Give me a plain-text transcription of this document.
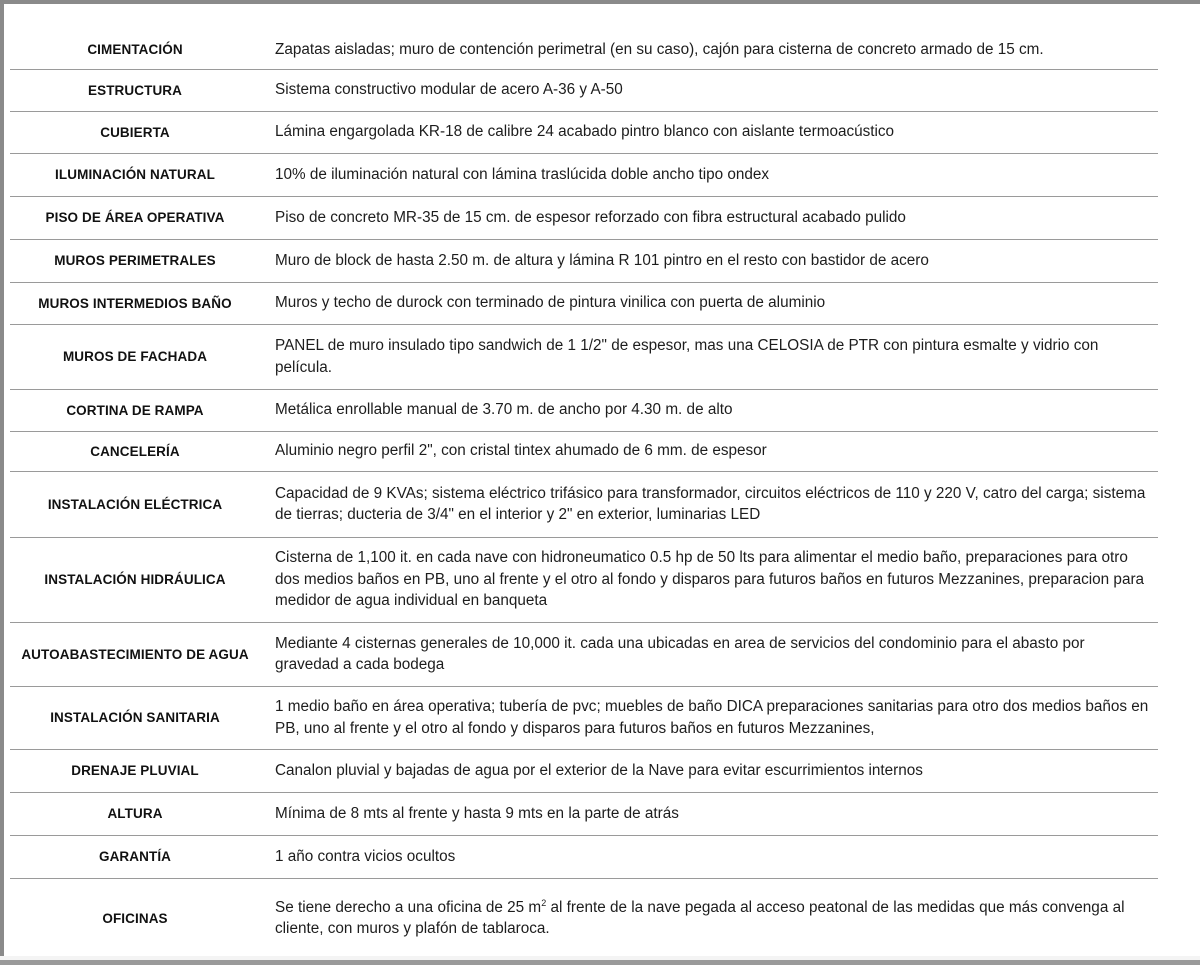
CIMENTACIÓN	Zapatas aisladas; muro de contención perimetral (en su caso), cajón para cisterna de concreto armado de 15 cm.
ESTRUCTURA	Sistema constructivo modular de acero A-36 y A-50
CUBIERTA	Lámina engargolada KR-18 de calibre 24 acabado pintro blanco con aislante termoacústico
ILUMINACIÓN NATURAL	10% de iluminación natural con lámina traslúcida doble ancho tipo ondex
PISO DE ÁREA OPERATIVA	Piso de concreto MR-35 de 15 cm. de espesor reforzado con fibra estructural acabado pulido
MUROS PERIMETRALES	Muro de block de hasta 2.50 m. de altura y lámina R 101 pintro en el resto con bastidor de acero
MUROS INTERMEDIOS BAÑO	Muros y techo de durock con terminado de pintura vinilica con puerta de aluminio
MUROS DE FACHADA	PANEL de muro insulado tipo sandwich de 1 1/2" de espesor, mas una CELOSIA de PTR con pintura esmalte y vidrio con película.
CORTINA DE RAMPA	Metálica enrollable manual de 3.70 m. de ancho por 4.30 m. de alto
CANCELERÍA	Aluminio negro perfil 2", con cristal tintex ahumado de 6 mm. de espesor
INSTALACIÓN ELÉCTRICA	Capacidad de 9 KVAs; sistema eléctrico trifásico para transformador, circuitos eléctricos de 110 y 220 V, catro del carga; sistema de tierras; ducteria de 3/4" en el interior y 2" en exterior, luminarias LED
INSTALACIÓN HIDRÁULICA	Cisterna de 1,100 it. en cada nave con hidroneumatico 0.5 hp de 50 lts para alimentar el medio baño, preparaciones para otro dos medios baños en PB, uno al frente y el otro al fondo y disparos para futuros baños en futuros Mezzanines, preparacion para medidor de agua individual en banqueta
AUTOABASTECIMIENTO DE AGUA	Mediante 4 cisternas generales de 10,000 it. cada una ubicadas en area de servicios del condominio para el abasto por gravedad a cada bodega
INSTALACIÓN SANITARIA	1 medio baño en área operativa; tubería de pvc; muebles de baño DICA preparaciones sanitarias para otro dos medios baños en PB, uno al frente y el otro al fondo y disparos para futuros baños en futuros Mezzanines,
DRENAJE PLUVIAL	Canalon pluvial y bajadas de agua por el exterior de la Nave para evitar escurrimientos internos
ALTURA	Mínima de 8 mts al frente y hasta 9 mts en la parte de atrás
GARANTÍA	1 año contra vicios ocultos
OFICINAS	Se tiene derecho a una oficina de 25 $m^2$ al frente de la nave pegada al acceso peatonal de las medidas que más convenga al cliente, con muros y plafón de tablaroca.
